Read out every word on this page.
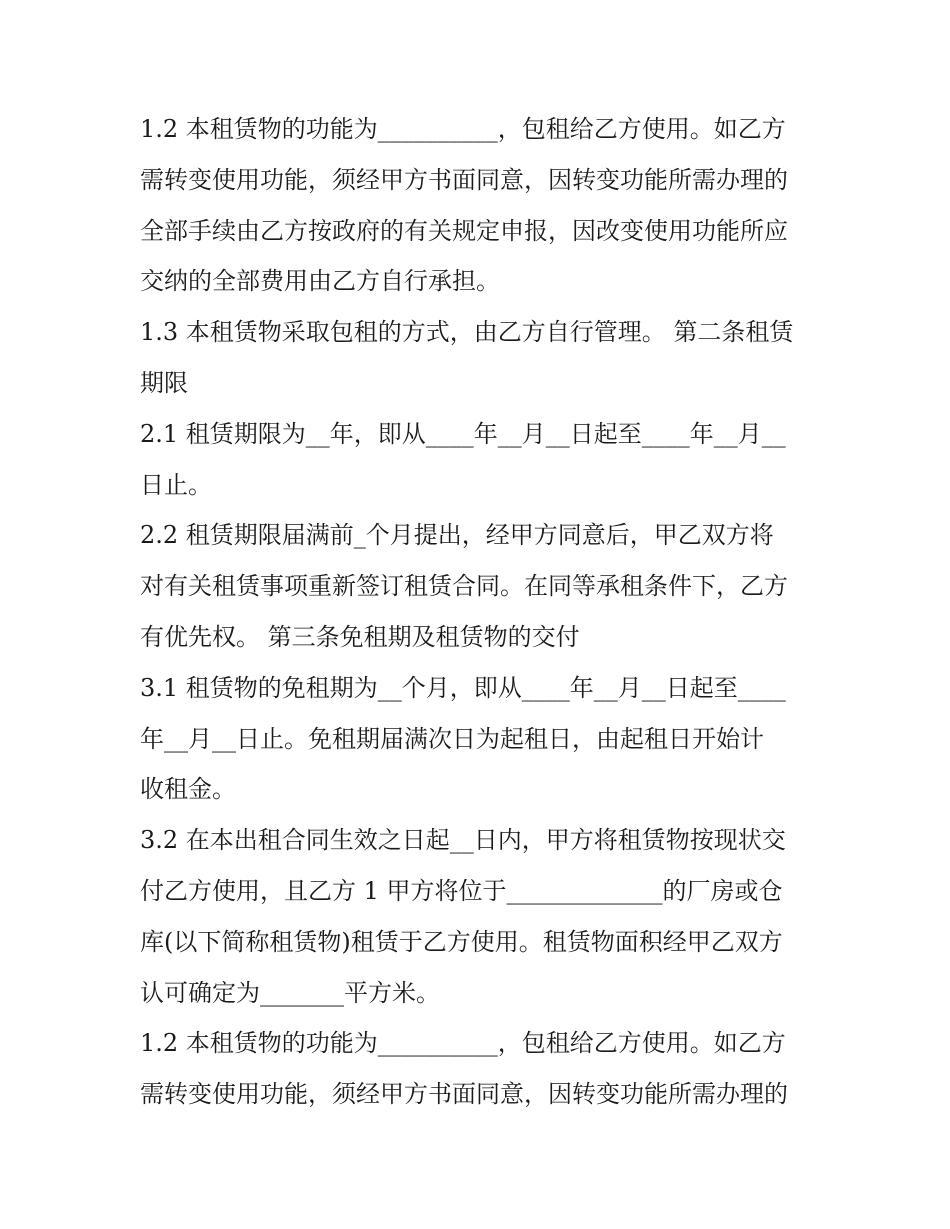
1.2 本租赁物的功能为__________，包租给乙方使用。如乙方
需转变使用功能，须经甲方书面同意，因转变功能所需办理的
全部手续由乙方按政府的有关规定申报，因改变使用功能所应
交纳的全部费用由乙方自行承担。
1.3 本租赁物采取包租的方式，由乙方自行管理。 第二条租赁
期限
2.1 租赁期限为__年，即从____年__月__日起至____年__月__
日止。
2.2 租赁期限届满前_个月提出，经甲方同意后，甲乙双方将
对有关租赁事项重新签订租赁合同。在同等承租条件下，乙方
有优先权。 第三条免租期及租赁物的交付
3.1 租赁物的免租期为__个月，即从____年__月__日起至____
年__月__日止。免租期届满次日为起租日，由起租日开始计
收租金。
3.2 在本出租合同生效之日起__日内，甲方将租赁物按现状交
付乙方使用，且乙方 1 甲方将位于_____________的厂房或仓
库(以下简称租赁物)租赁于乙方使用。租赁物面积经甲乙双方
认可确定为_______平方米。
1.2 本租赁物的功能为__________，包租给乙方使用。如乙方
需转变使用功能，须经甲方书面同意，因转变功能所需办理的
